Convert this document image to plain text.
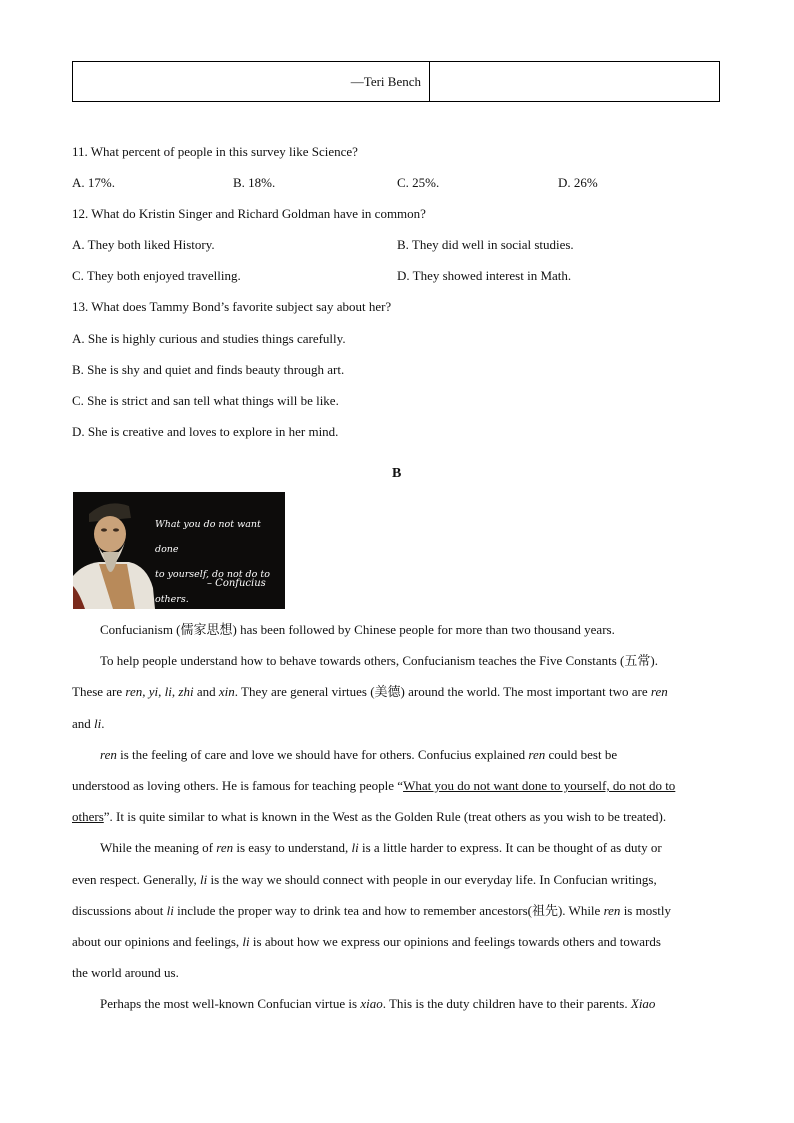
—Teri Bench
11. What percent of people in this survey like Science?
A. 17%.	B. 18%.	C. 25%.	D. 26%
12. What do Kristin Singer and Richard Goldman have in common?
A. They both liked History.	B. They did well in social studies.
C. They both enjoyed travelling.	D. They showed interest in Math.
13. What does Tammy Bond’s favorite subject say about her?
A. She is highly curious and studies things carefully.
B. She is shy and quiet and finds beauty through art.
C. She is strict and san tell what things will be like.
D. She is creative and loves to explore in her mind.
B
What you do not want done
to yourself, do not do to others.
– Confucius
Confucianism (儒家思想) has been followed by Chinese people for more than two thousand years.
To help people understand how to behave towards others, Confucianism teaches the Five Constants (五常).
These are ren, yi, li, zhi and xin. They are general virtues (美德) around the world. The most important two are ren
and li.
ren is the feeling of care and love we should have for others. Confucius explained ren could best be
understood as loving others. He is famous for teaching people “What you do not want done to yourself, do not do to
others”. It is quite similar to what is known in the West as the Golden Rule (treat others as you wish to be treated).
While the meaning of ren is easy to understand, li is a little harder to express. It can be thought of as duty or
even respect. Generally, li is the way we should connect with people in our everyday life. In Confucian writings,
discussions about li include the proper way to drink tea and how to remember ancestors(祖先). While ren is mostly
about our opinions and feelings, li is about how we express our opinions and feelings towards others and towards
the world around us.
Perhaps the most well-known Confucian virtue is xiao. This is the duty children have to their parents. Xiao
